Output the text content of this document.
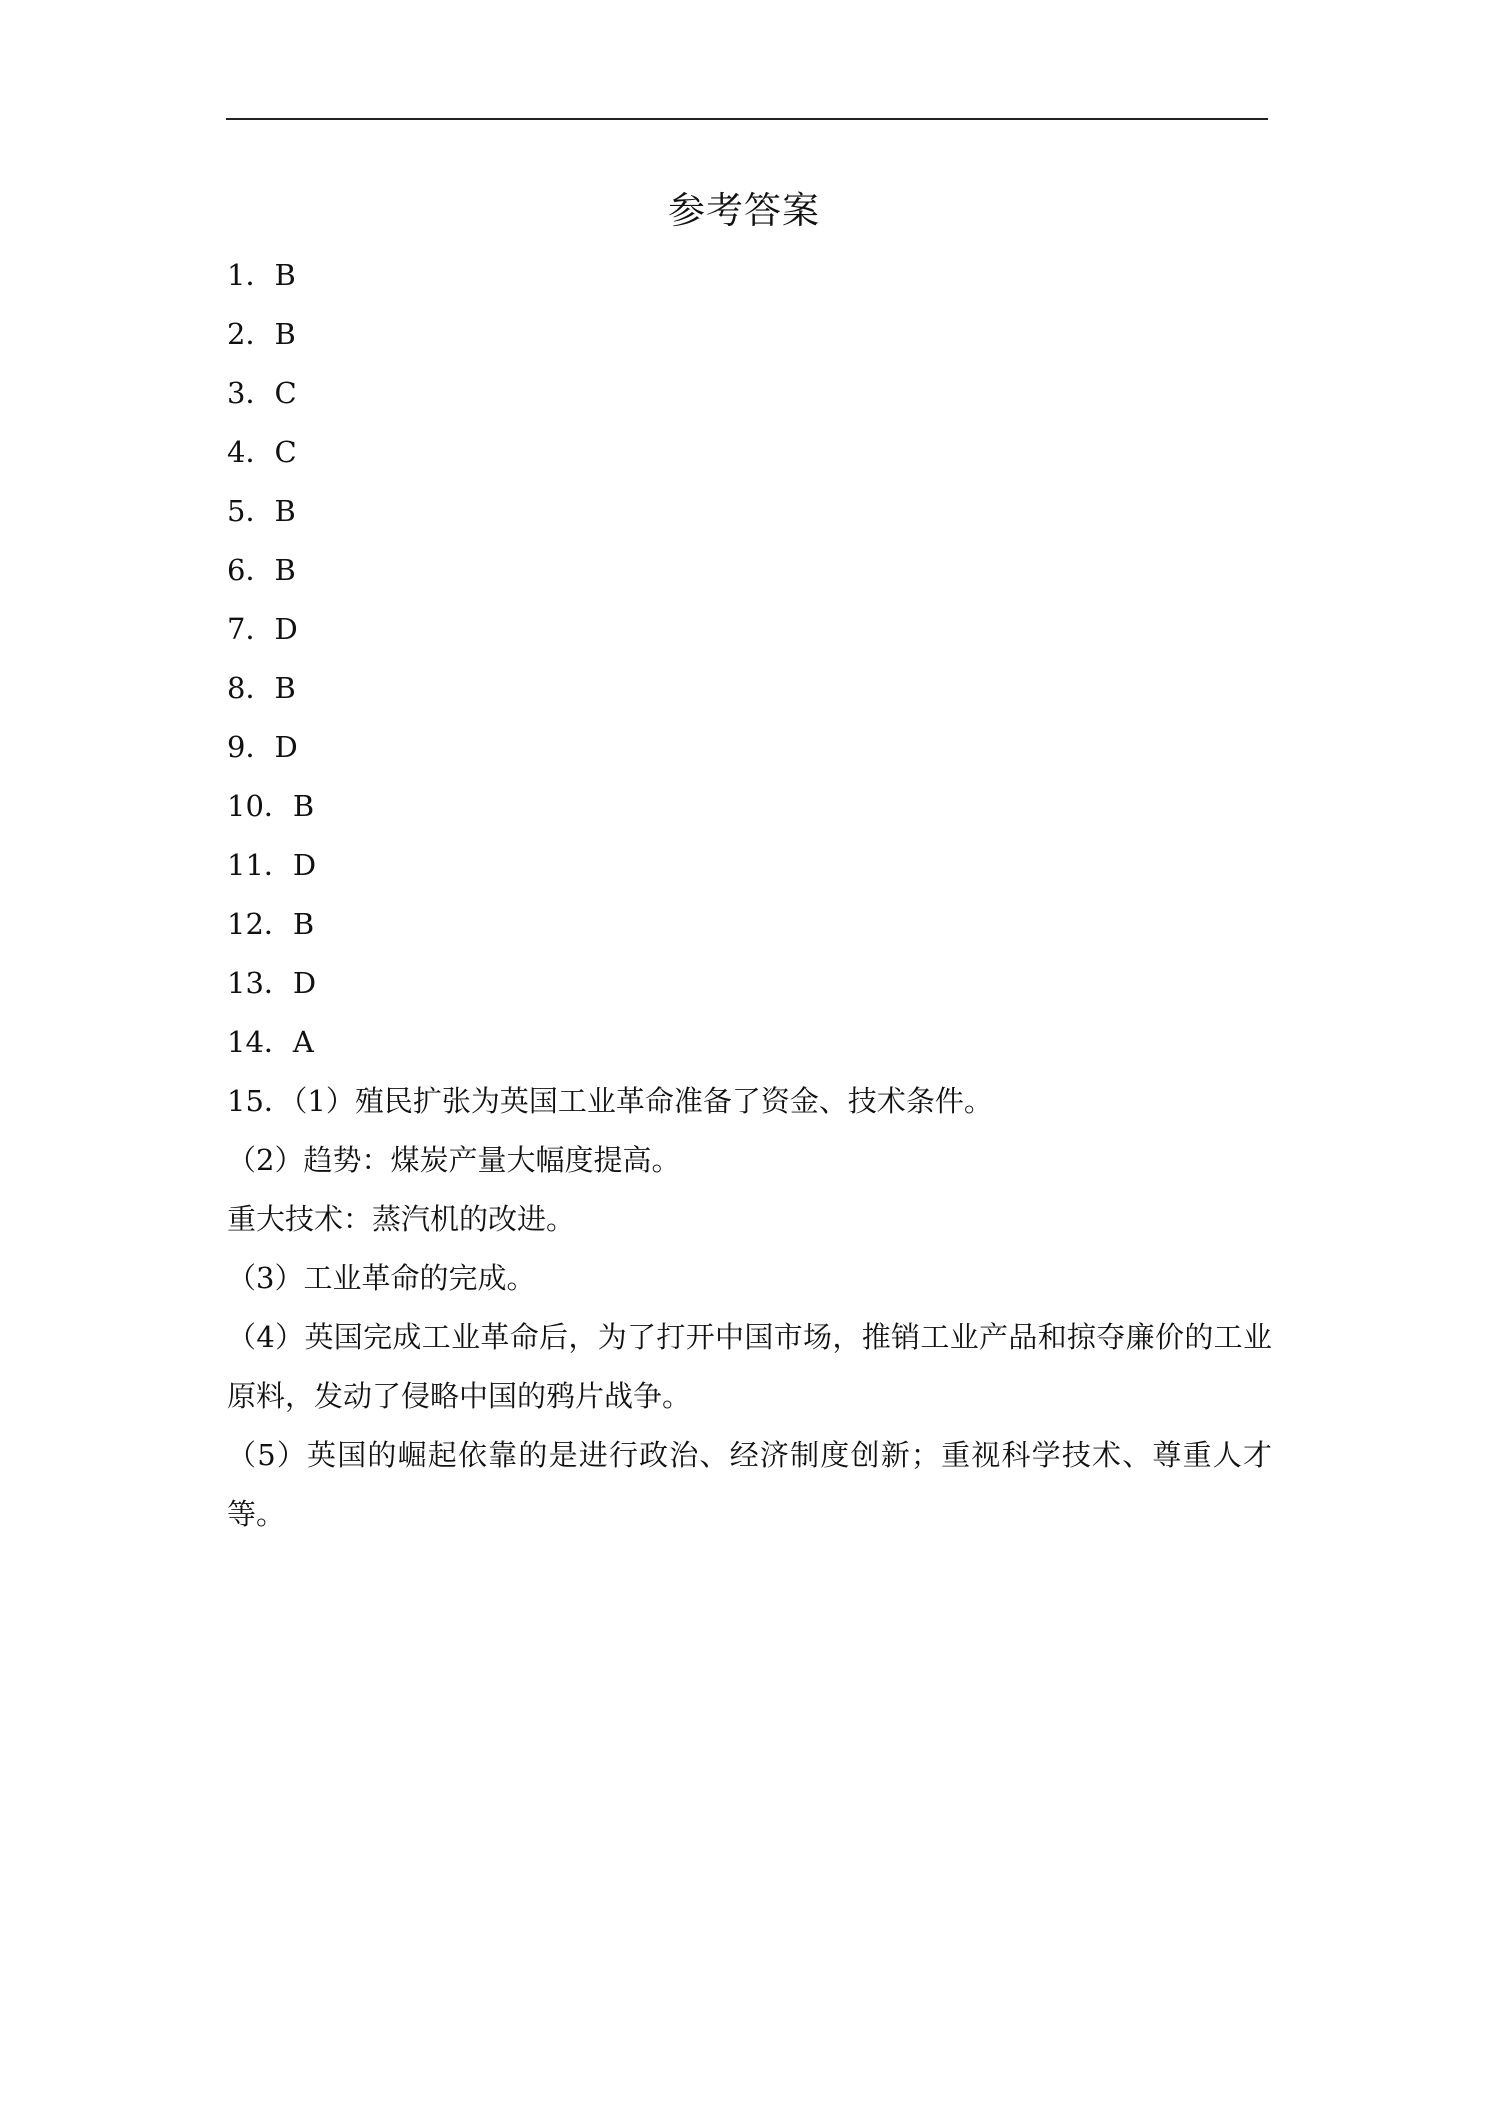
参考答案
1．B
2．B
3．C
4．C
5．B
6．B
7．D
8．B
9．D
10．B
11．D
12．B
13．D
14．A
15．（1）殖民扩张为英国工业革命准备了资金、技术条件。
（2）趋势：煤炭产量大幅度提高。
重大技术：蒸汽机的改进。
（3）工业革命的完成。
（4）英国完成工业革命后，为了打开中国市场，推销工业产品和掠夺廉价的工业原料，发动了侵略中国的鸦片战争。
（5）英国的崛起依靠的是进行政治、经济制度创新；重视科学技术、尊重人才等。
